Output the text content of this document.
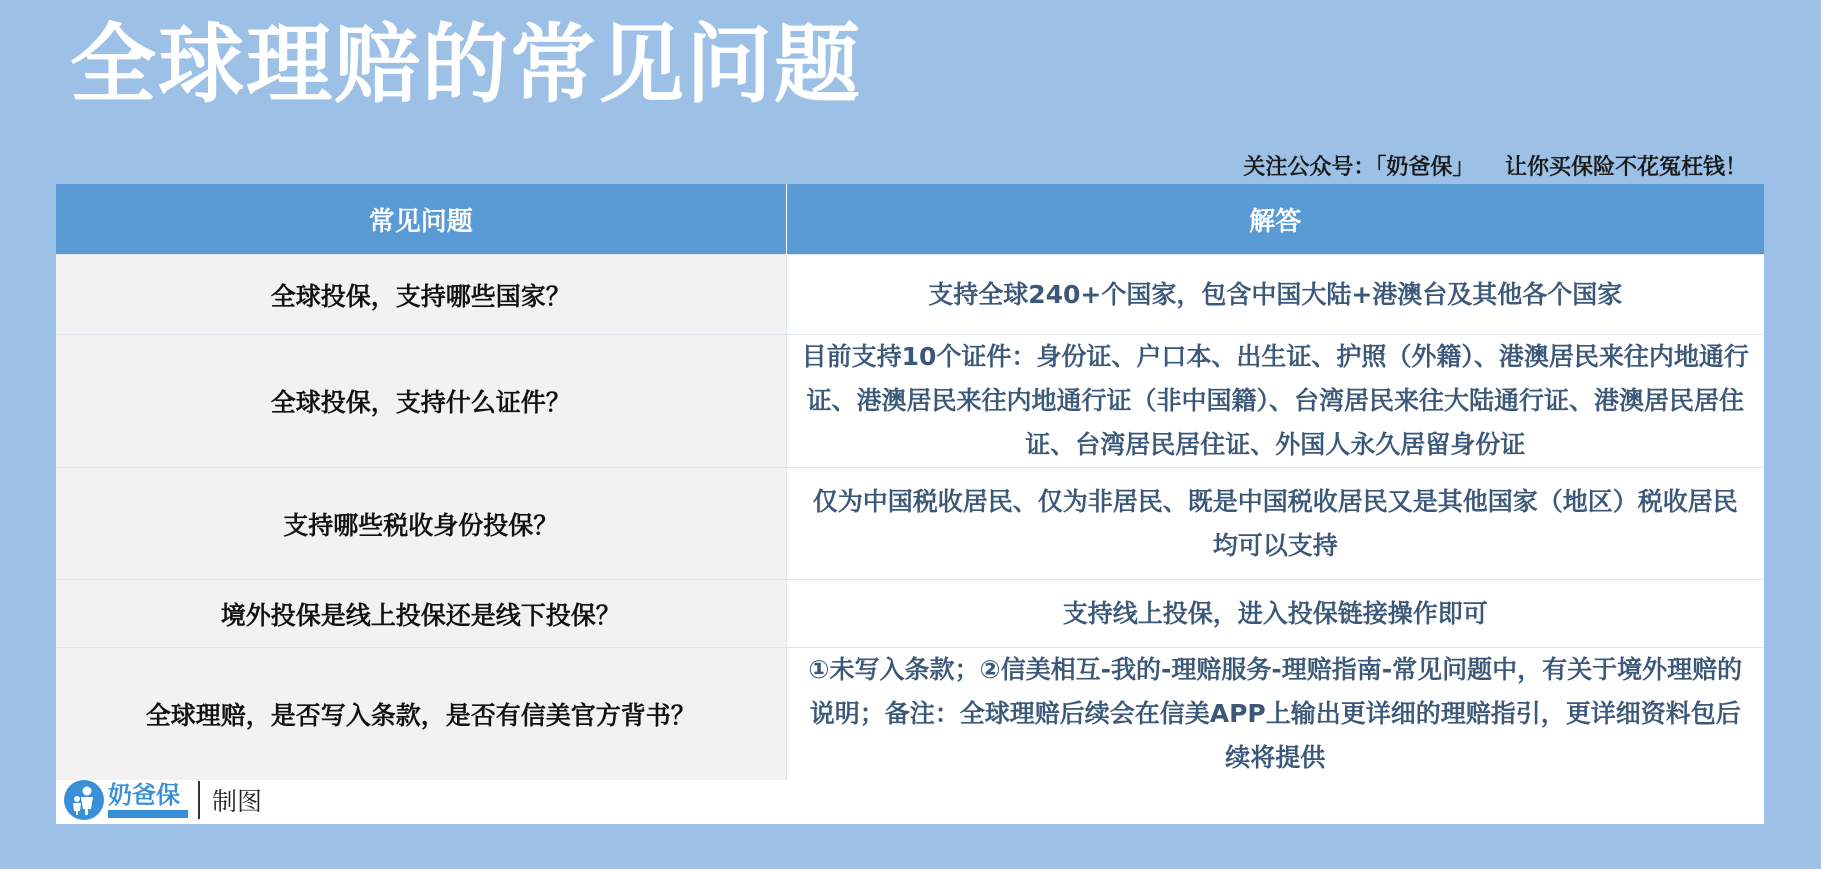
全球理赔的常见问题
关注公众号：「奶爸保」    让你买保险不花冤枉钱！
常见问题	解答
全球投保，支持哪些国家？	支持全球240+个国家，包含中国大陆+港澳台及其他各个国家
全球投保，支持什么证件？	目前支持10个证件：身份证、户口本、出生证、护照（外籍）、港澳居民来往内地通行证、港澳居民来往内地通行证（非中国籍）、台湾居民来往大陆通行证、港澳居民居住证、台湾居民居住证、外国人永久居留身份证
支持哪些税收身份投保？	仅为中国税收居民、仅为非居民、既是中国税收居民又是其他国家（地区）税收居民均可以支持
境外投保是线上投保还是线下投保？	支持线上投保，进入投保链接操作即可
全球理赔，是否写入条款，是否有信美官方背书？	①未写入条款；②信美相互-我的-理赔服务-理赔指南-常见问题中，有关于境外理赔的说明；备注：全球理赔后续会在信美APP上输出更详细的理赔指引，更详细资料包后续将提供
奶爸保	制图
